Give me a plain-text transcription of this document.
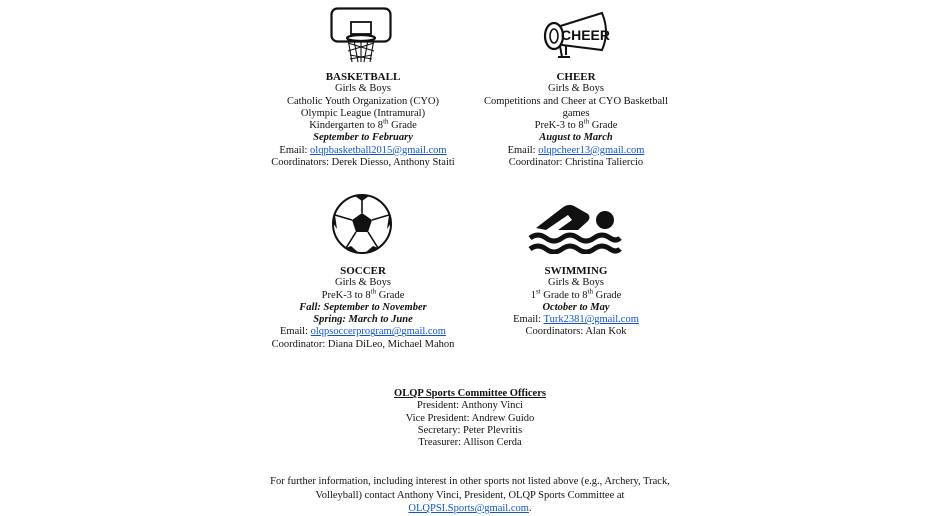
BASKETBALL
Girls & Boys
Catholic Youth Organization (CYO)
Olympic League (Intramural)
Kindergarten to 8th Grade
September to February
Email: olqpbasketball2015@gmail.com
Coordinators: Derek Diesso, Anthony Staiti
CHEER
CHEER
Girls & Boys
Competitions and Cheer at CYO Basketball
games
PreK-3 to 8th Grade
August to March
Email: olqpcheer13@gmail.com
Coordinator: Christina Taliercio
SOCCER
Girls & Boys
PreK-3 to 8th Grade
Fall: September to November
Spring: March to June
Email: olqpsoccerprogram@gmail.com
Coordinator: Diana DiLeo, Michael Mahon
SWIMMING
Girls & Boys
1st Grade to 8th Grade
October to May
Email: Turk2381@gmail.com
Coordinators: Alan Kok
OLQP Sports Committee Officers
President: Anthony Vinci
Vice President: Andrew Guido
Secretary: Peter Plevritis
Treasurer: Allison Cerda
For further information, including interest in other sports not listed above (e.g., Archery, Track,
Volleyball) contact Anthony Vinci, President, OLQP Sports Committee at
OLQPSI.Sports@gmail.com.
